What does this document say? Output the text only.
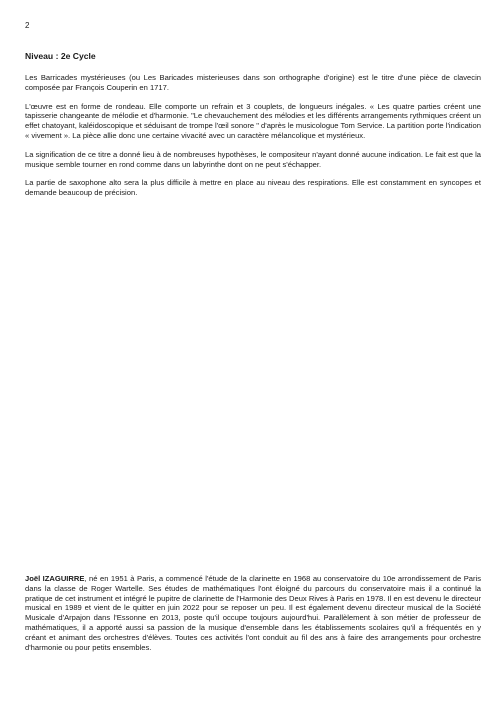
2
Niveau : 2e Cycle

Les Barricades mystérieuses (ou Les Baricades misterieuses dans son orthographe d'origine) est le titre d'une pièce de clavecin composée par François Couperin en 1717.

L'œuvre est en forme de rondeau. Elle comporte un refrain et 3 couplets, de longueurs inégales. « Les quatre parties créent une tapisserie changeante de mélodie et d'harmonie. "Le chevauchement des mélodies et les différents arrangements rythmiques créent un effet chatoyant, kaléidoscopique et séduisant de trompe l'œil sonore " d'après le musicologue Tom Service. La partition porte l'indication « vivement ». La pièce allie donc une certaine vivacité avec un caractère mélancolique et mystérieux.

La signification de ce titre a donné lieu à de nombreuses hypothèses, le compositeur n'ayant donné aucune indication. Le fait est que la musique semble tourner en rond comme dans un labyrinthe dont on ne peut s'échapper.

La partie de saxophone alto sera la plus difficile à mettre en place au niveau des respirations. Elle est constamment en syncopes et demande beaucoup de précision.

Joël IZAGUIRRE, né en 1951 à Paris, a commencé l'étude de la clarinette en 1968 au conservatoire du 10e arrondissement de Paris dans la classe de Roger Wartelle. Ses études de mathématiques l'ont éloigné du parcours du conservatoire mais il a continué la pratique de cet instrument et intégré le pupitre de clarinette de l'Harmonie des Deux Rives à Paris en 1978. Il en est devenu le directeur musical en 1989 et vient de le quitter en juin 2022 pour se reposer un peu. Il est également devenu directeur musical de la Société Musicale d'Arpajon dans l'Essonne en 2013, poste qu'il occupe toujours aujourd'hui. Parallèlement à son métier de professeur de mathématiques, il a apporté aussi sa passion de la musique d'ensemble dans les établissements scolaires qu'il a fréquentés en y créant et animant des orchestres d'élèves. Toutes ces activités l'ont conduit au fil des ans à faire des arrangements pour orchestre d'harmonie ou pour petits ensembles.
